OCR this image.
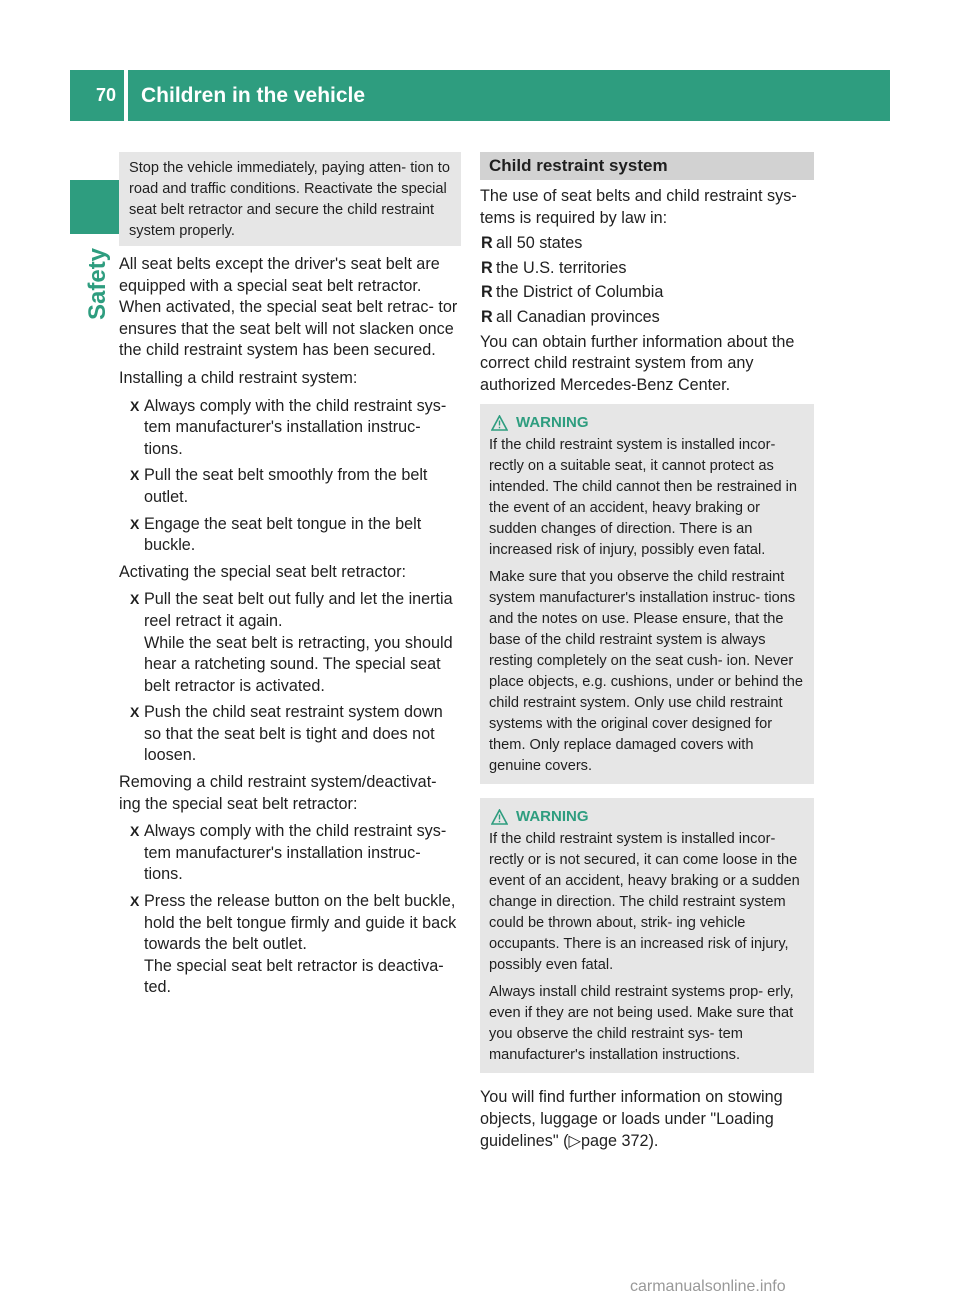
70	Children in the vehicle
Safety

Stop the vehicle immediately, paying atten- tion to road and traffic conditions. Reactivate the special seat belt retractor and secure the child restraint system properly.

All seat belts except the driver's seat belt are equipped with a special seat belt retractor. When activated, the special seat belt retrac- tor ensures that the seat belt will not slacken once the child restraint system has been secured.

Installing a child restraint system:

X Always comply with the child restraint sys- tem manufacturer's installation instruc- tions.
X Pull the seat belt smoothly from the belt outlet.
X Engage the seat belt tongue in the belt buckle.

Activating the special seat belt retractor:

X Pull the seat belt out fully and let the inertia reel retract it again.
While the seat belt is retracting, you should hear a ratcheting sound. The special seat belt retractor is activated.
X Push the child seat restraint system down so that the seat belt is tight and does not loosen.

Removing a child restraint system/deactivat- ing the special seat belt retractor:

X Always comply with the child restraint sys- tem manufacturer's installation instruc- tions.
X Press the release button on the belt buckle, hold the belt tongue firmly and guide it back towards the belt outlet.
The special seat belt retractor is deactiva- ted.
Child restraint system

The use of seat belts and child restraint sys- tems is required by law in:

R all 50 states
R the U.S. territories
R the District of Columbia
R all Canadian provinces

You can obtain further information about the correct child restraint system from any authorized Mercedes-Benz Center.

WARNING

If the child restraint system is installed incor- rectly on a suitable seat, it cannot protect as intended. The child cannot then be restrained in the event of an accident, heavy braking or sudden changes of direction. There is an increased risk of injury, possibly even fatal.

Make sure that you observe the child restraint system manufacturer's installation instruc- tions and the notes on use. Please ensure, that the base of the child restraint system is always resting completely on the seat cush- ion. Never place objects, e.g. cushions, under or behind the child restraint system. Only use child restraint systems with the original cover designed for them. Only replace damaged covers with genuine covers.

WARNING

If the child restraint system is installed incor- rectly or is not secured, it can come loose in the event of an accident, heavy braking or a sudden change in direction. The child restraint system could be thrown about, strik- ing vehicle occupants. There is an increased risk of injury, possibly even fatal.

Always install child restraint systems prop- erly, even if they are not being used. Make sure that you observe the child restraint sys- tem manufacturer's installation instructions.

You will find further information on stowing objects, luggage or loads under "Loading guidelines" (▷page 372).

carmanualsonline.info
